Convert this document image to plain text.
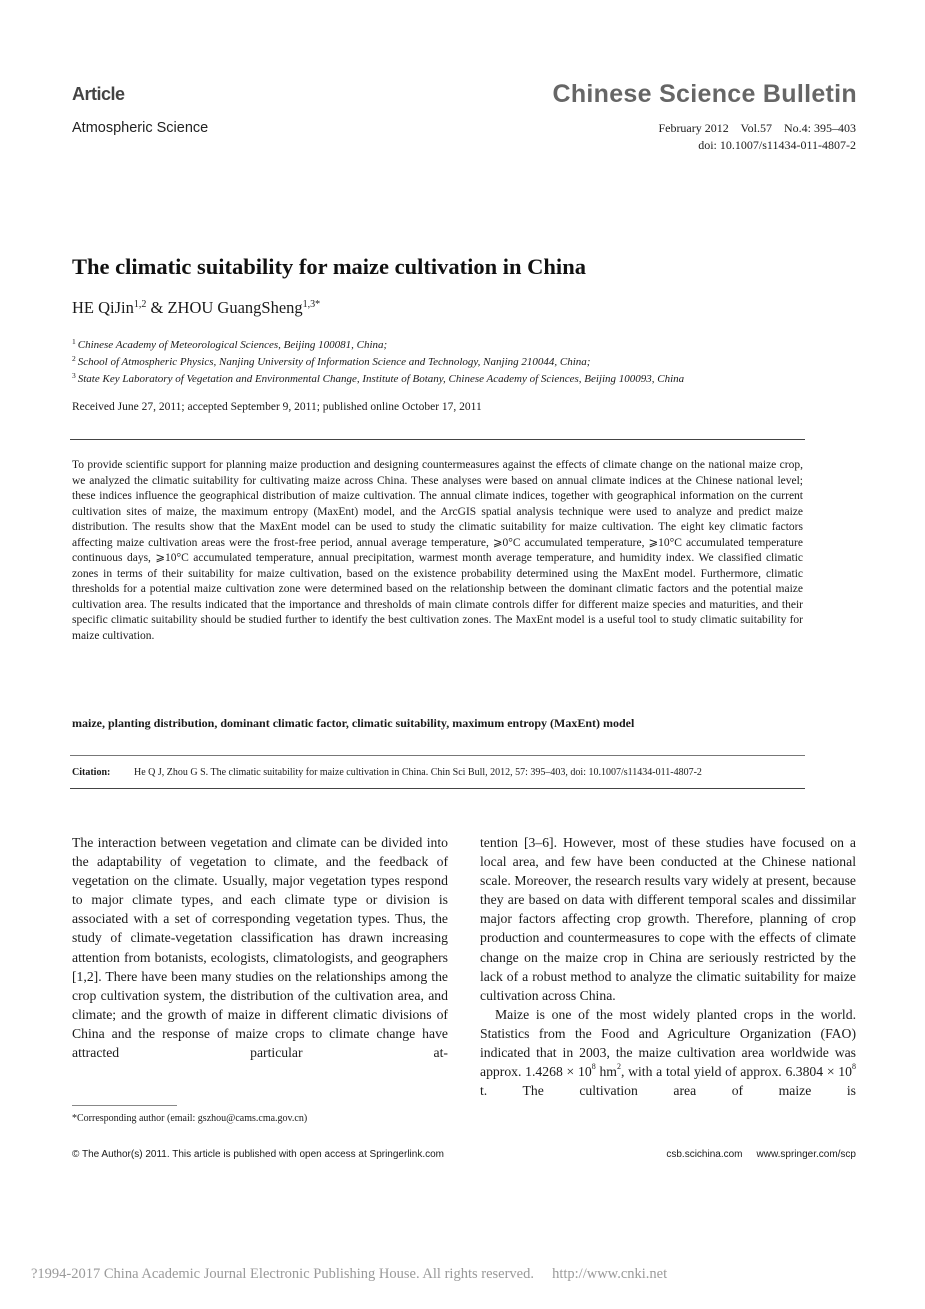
Article	Chinese Science Bulletin
Atmospheric Science	February 2012    Vol.57    No.4: 395–403
doi: 10.1007/s11434-011-4807-2
The climatic suitability for maize cultivation in China
HE QiJin$^{1,2}$ & ZHOU GuangSheng$^{1,3*}$
$^1$ Chinese Academy of Meteorological Sciences, Beijing 100081, China;
$^2$ School of Atmospheric Physics, Nanjing University of Information Science and Technology, Nanjing 210044, China;
$^3$ State Key Laboratory of Vegetation and Environmental Change, Institute of Botany, Chinese Academy of Sciences, Beijing 100093, China
Received June 27, 2011; accepted September 9, 2011; published online October 17, 2011
To provide scientific support for planning maize production and designing countermeasures against the effects of climate change on the national maize crop, we analyzed the climatic suitability for cultivating maize across China. These analyses were based on annual climate indices at the Chinese national level; these indices influence the geographical distribution of maize cultivation. The annual climate indices, together with geographical information on the current cultivation sites of maize, the maximum entropy (MaxEnt) model, and the ArcGIS spatial analysis technique were used to analyze and predict maize distribution. The results show that the MaxEnt model can be used to study the climatic suitability for maize cultivation. The eight key climatic factors affecting maize cultivation areas were the frost-free period, annual average temperature, ⩾0°C accumulated temperature, ⩾10°C accumulated temperature continuous days, ⩾10°C accumulated temperature, annual precipitation, warmest month average temperature, and humidity index. We classified climatic zones in terms of their suitability for maize cultivation, based on the existence probability determined using the MaxEnt model. Furthermore, climatic thresholds for a potential maize cultivation zone were determined based on the relationship between the dominant climatic factors and the potential maize cultivation area. The results indicated that the importance and thresholds of main climate controls differ for different maize species and maturities, and their specific climatic suitability should be studied further to identify the best cultivation zones. The MaxEnt model is a useful tool to study climatic suitability for maize cultivation.
maize, planting distribution, dominant climatic factor, climatic suitability, maximum entropy (MaxEnt) model
Citation: He Q J, Zhou G S. The climatic suitability for maize cultivation in China. Chin Sci Bull, 2012, 57: 395–403, doi: 10.1007/s11434-011-4807-2

The interaction between vegetation and climate can be divided into the adaptability of vegetation to climate, and the feedback of vegetation on the climate. Usually, major vegetation types respond to major climate types, and each climate type or division is associated with a set of corresponding vegetation types. Thus, the study of climate-vegetation classification has drawn increasing attention from botanists, ecologists, climatologists, and geographers [1,2]. There have been many studies on the relationships among the crop cultivation system, the distribution of the cultivation area, and climate; and the growth of maize in different climatic divisions of China and the response of maize crops to climate change have attracted particular at-

tention [3–6]. However, most of these studies have focused on a local area, and few have been conducted at the Chinese national scale. Moreover, the research results vary widely at present, because they are based on data with different temporal scales and dissimilar major factors affecting crop growth. Therefore, planning of crop production and countermeasures to cope with the effects of climate change on the maize crop in China are seriously restricted by the lack of a robust method to analyze the climatic suitability for maize cultivation across China.

Maize is one of the most widely planted crops in the world. Statistics from the Food and Agriculture Organization (FAO) indicated that in 2003, the maize cultivation area worldwide was approx. $1.4268 \times 10^8$ $hm^2$, with a total yield of approx. $6.3804 \times 10^8$ t. The cultivation area of maize is

*Corresponding author (email: gszhou@cams.cma.gov.cn)
© The Author(s) 2011. This article is published with open access at Springerlink.com	csb.scichina.com www.springer.com/scp
?1994-2017 China Academic Journal Electronic Publishing House. All rights reserved.     http://www.cnki.net
